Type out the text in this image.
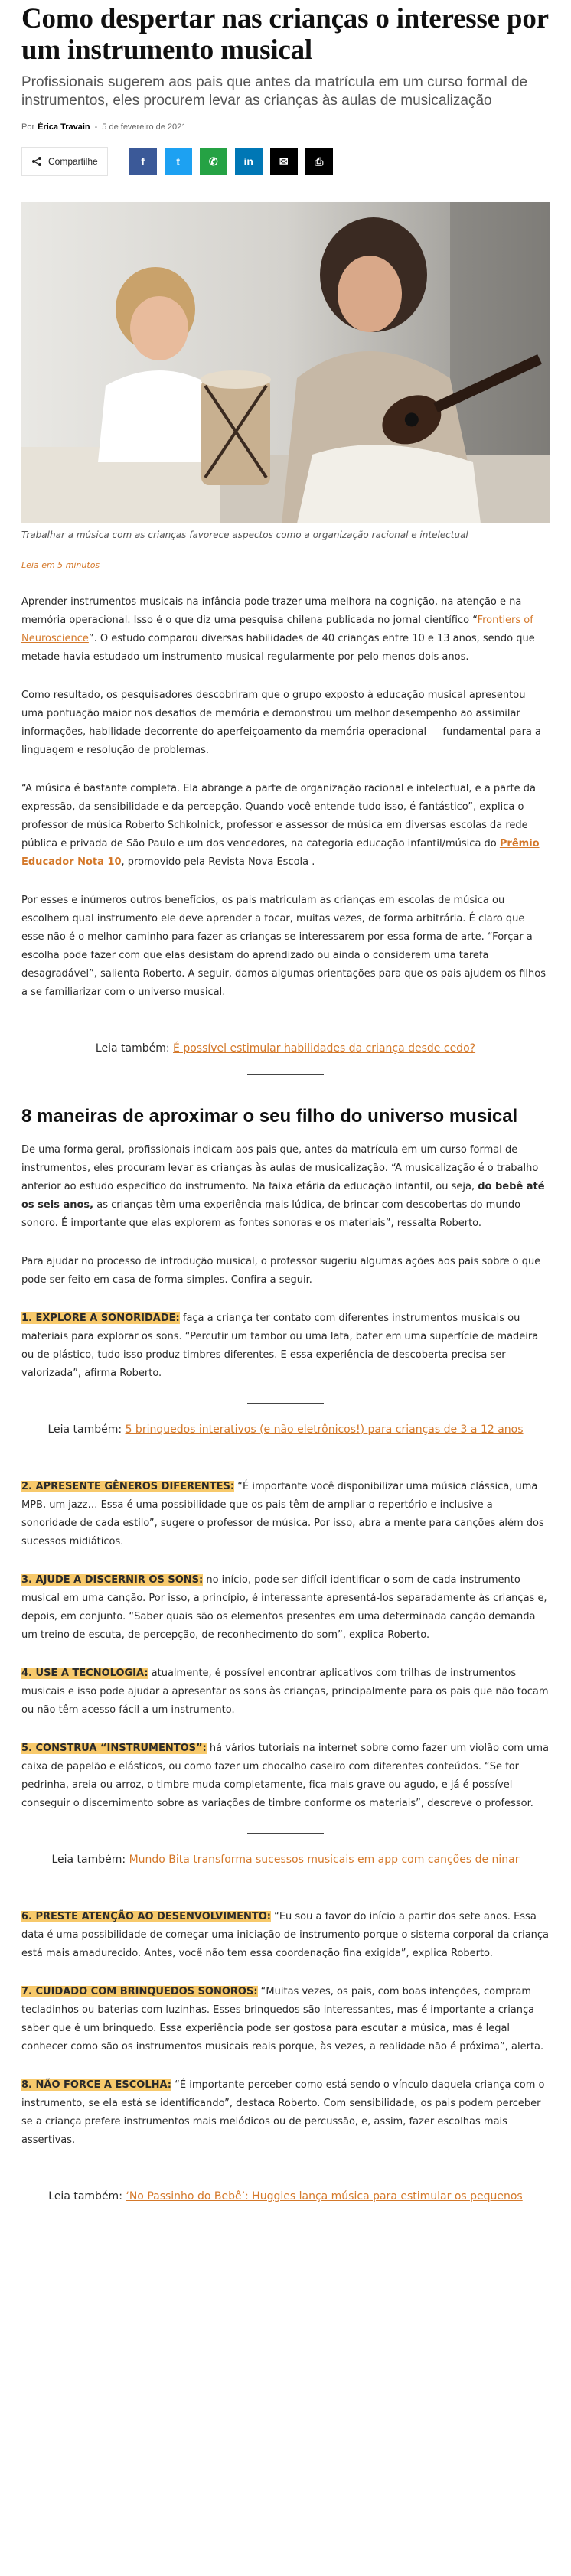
Como despertar nas crianças o interesse por um instrumento musical
Profissionais sugerem aos pais que antes da matrícula em um curso formal de instrumentos, eles procurem levar as crianças às aulas de musicalização
Por Érica Travain - 5 de fevereiro de 2021
Compartilhe	f	t	✆ in ✉ ⎙
Trabalhar a música com as crianças favorece aspectos como a organização racional e intelectual
Leia em 5 minutos

Aprender instrumentos musicais na infância pode trazer uma melhora na cognição, na atenção e na memória operacional. Isso é o que diz uma pesquisa chilena publicada no jornal científico “Frontiers of Neuroscience”. O estudo comparou diversas habilidades de 40 crianças entre 10 e 13 anos, sendo que metade havia estudado um instrumento musical regularmente por pelo menos dois anos.

Como resultado, os pesquisadores descobriram que o grupo exposto à educação musical apresentou uma pontuação maior nos desafios de memória e demonstrou um melhor desempenho ao assimilar informações, habilidade decorrente do aperfeiçoamento da memória operacional — fundamental para a linguagem e resolução de problemas.

“A música é bastante completa. Ela abrange a parte de organização racional e intelectual, e a parte da expressão, da sensibilidade e da percepção. Quando você entende tudo isso, é fantástico”, explica o professor de música Roberto Schkolnick, professor e assessor de música em diversas escolas da rede pública e privada de São Paulo e um dos vencedores, na categoria educação infantil/música do Prêmio Educador Nota 10, promovido pela Revista Nova Escola .

Por esses e inúmeros outros benefícios, os pais matriculam as crianças em escolas de música ou escolhem qual instrumento ele deve aprender a tocar, muitas vezes, de forma arbitrária. É claro que esse não é o melhor caminho para fazer as crianças se interessarem por essa forma de arte. “Forçar a escolha pode fazer com que elas desistam do aprendizado ou ainda o considerem uma tarefa desagradável”, salienta Roberto. A seguir, damos algumas orientações para que os pais ajudem os filhos a se familiarizar com o universo musical.

Leia também: É possível estimular habilidades da criança desde cedo?
8 maneiras de aproximar o seu filho do universo musical

De uma forma geral, profissionais indicam aos pais que, antes da matrícula em um curso formal de instrumentos, eles procuram levar as crianças às aulas de musicalização. “A musicalização é o trabalho anterior ao estudo específico do instrumento. Na faixa etária da educação infantil, ou seja, do bebê até os seis anos, as crianças têm uma experiência mais lúdica, de brincar com descobertas do mundo sonoro. É importante que elas explorem as fontes sonoras e os materiais”, ressalta Roberto.

Para ajudar no processo de introdução musical, o professor sugeriu algumas ações aos pais sobre o que pode ser feito em casa de forma simples. Confira a seguir.

1. EXPLORE A SONORIDADE: faça a criança ter contato com diferentes instrumentos musicais ou materiais para explorar os sons. “Percutir um tambor ou uma lata, bater em uma superfície de madeira ou de plástico, tudo isso produz timbres diferentes. E essa experiência de descoberta precisa ser valorizada”, afirma Roberto.

Leia também: 5 brinquedos interativos (e não eletrônicos!) para crianças de 3 a 12 anos

2. APRESENTE GÊNEROS DIFERENTES: “É importante você disponibilizar uma música clássica, uma MPB, um jazz… Essa é uma possibilidade que os pais têm de ampliar o repertório e inclusive a sonoridade de cada estilo”, sugere o professor de música. Por isso, abra a mente para canções além dos sucessos midiáticos.

3. AJUDE A DISCERNIR OS SONS: no início, pode ser difícil identificar o som de cada instrumento musical em uma canção. Por isso, a princípio, é interessante apresentá-los separadamente às crianças e, depois, em conjunto. “Saber quais são os elementos presentes em uma determinada canção demanda um treino de escuta, de percepção, de reconhecimento do som”, explica Roberto.

4. USE A TECNOLOGIA: atualmente, é possível encontrar aplicativos com trilhas de instrumentos musicais e isso pode ajudar a apresentar os sons às crianças, principalmente para os pais que não tocam ou não têm acesso fácil a um instrumento.

5. CONSTRUA “INSTRUMENTOS”: há vários tutoriais na internet sobre como fazer um violão com uma caixa de papelão e elásticos, ou como fazer um chocalho caseiro com diferentes conteúdos. “Se for pedrinha, areia ou arroz, o timbre muda completamente, fica mais grave ou agudo, e já é possível conseguir o discernimento sobre as variações de timbre conforme os materiais”, descreve o professor.

Leia também: Mundo Bita transforma sucessos musicais em app com canções de ninar

6. PRESTE ATENÇÃO AO DESENVOLVIMENTO: “Eu sou a favor do início a partir dos sete anos. Essa data é uma possibilidade de começar uma iniciação de instrumento porque o sistema corporal da criança está mais amadurecido. Antes, você não tem essa coordenação fina exigida”, explica Roberto.

7. CUIDADO COM BRINQUEDOS SONOROS: “Muitas vezes, os pais, com boas intenções, compram tecladinhos ou baterias com luzinhas. Esses brinquedos são interessantes, mas é importante a criança saber que é um brinquedo. Essa experiência pode ser gostosa para escutar a música, mas é legal conhecer como são os instrumentos musicais reais porque, às vezes, a realidade não é próxima”, alerta.

8. NÃO FORCE A ESCOLHA: “É importante perceber como está sendo o vínculo daquela criança com o instrumento, se ela está se identificando”, destaca Roberto. Com sensibilidade, os pais podem perceber se a criança prefere instrumentos mais melódicos ou de percussão, e, assim, fazer escolhas mais assertivas.

Leia também: ‘No Passinho do Bebê’: Huggies lança música para estimular os pequenos
